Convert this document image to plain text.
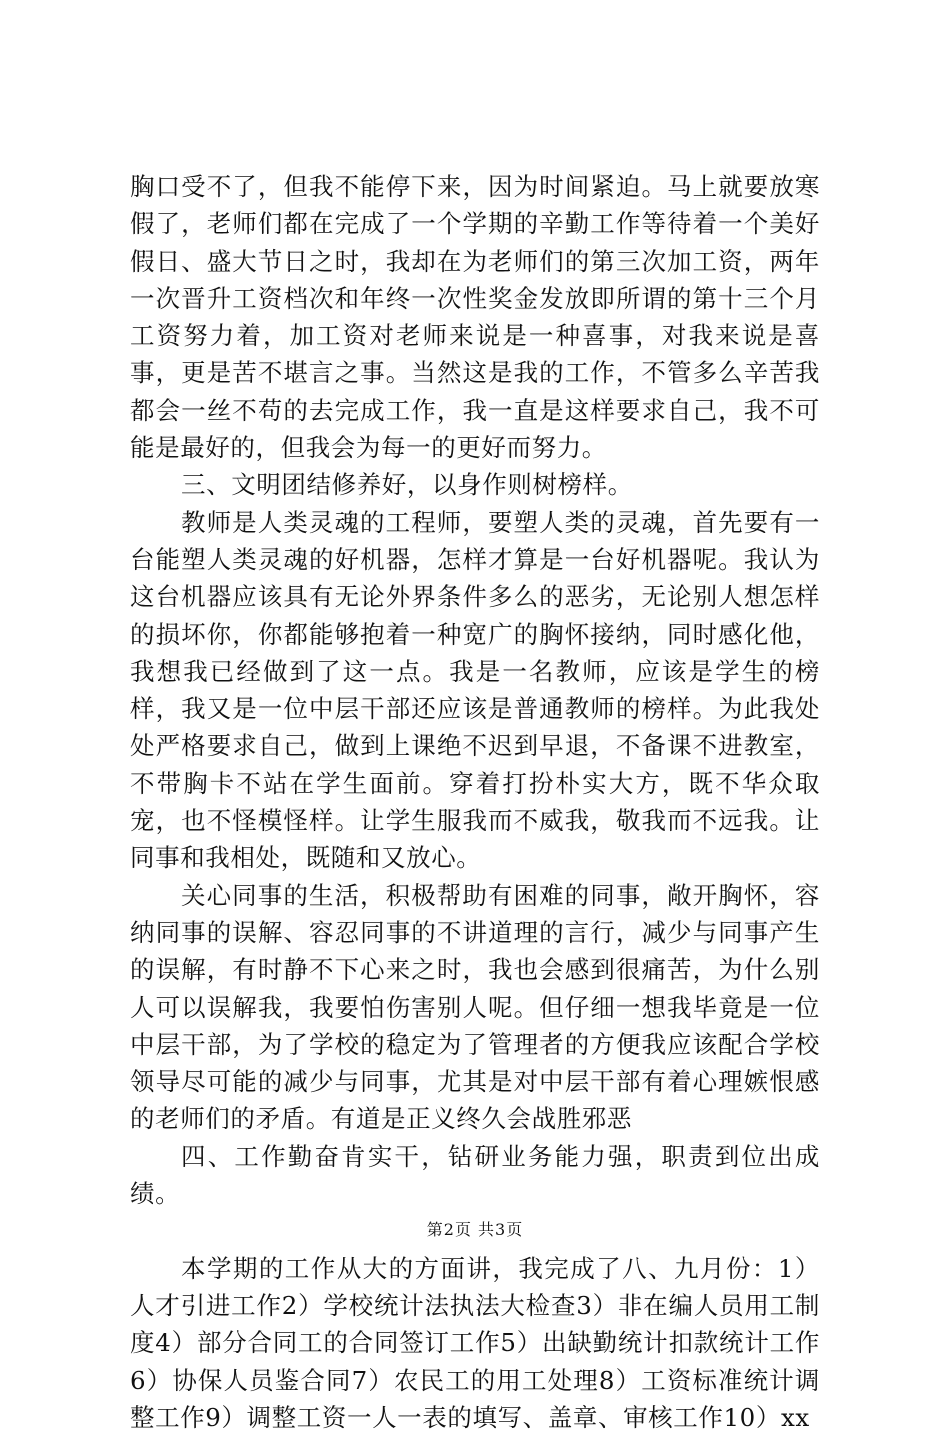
胸口受不了，但我不能停下来，因为时间紧迫。马上就要放寒假了，老师们都在完成了一个学期的辛勤工作等待着一个美好假日、盛大节日之时，我却在为老师们的第三次加工资，两年一次晋升工资档次和年终一次性奖金发放即所谓的第十三个月工资努力着，加工资对老师来说是一种喜事，对我来说是喜事，更是苦不堪言之事。当然这是我的工作，不管多么辛苦我都会一丝不苟的去完成工作，我一直是这样要求自己，我不可能是最好的，但我会为每一的更好而努力。

三、文明团结修养好，以身作则树榜样。

教师是人类灵魂的工程师，要塑人类的灵魂，首先要有一台能塑人类灵魂的好机器，怎样才算是一台好机器呢。我认为这台机器应该具有无论外界条件多么的恶劣，无论别人想怎样的损坏你，你都能够抱着一种宽广的胸怀接纳，同时感化他，我想我已经做到了这一点。我是一名教师，应该是学生的榜样，我又是一位中层干部还应该是普通教师的榜样。为此我处处严格要求自己，做到上课绝不迟到早退，不备课不进教室，不带胸卡不站在学生面前。穿着打扮朴实大方，既不华众取宠，也不怪模怪样。让学生服我而不威我，敬我而不远我。让同事和我相处，既随和又放心。

关心同事的生活，积极帮助有困难的同事，敞开胸怀，容纳同事的误解、容忍同事的不讲道理的言行，减少与同事产生的误解，有时静不下心来之时，我也会感到很痛苦，为什么别人可以误解我，我要怕伤害别人呢。但仔细一想我毕竟是一位中层干部，为了学校的稳定为了管理者的方便我应该配合学校领导尽可能的减少与同事，尤其是对中层干部有着心理嫉恨感的老师们的矛盾。有道是正义终久会战胜邪恶

四、工作勤奋肯实干，钻研业务能力强，职责到位出成绩。

本学期的工作从大的方面讲，我完成了八、九月份：1）人才引进工作2）学校统计法执法大检查3）非在编人员用工制度4）部分合同工的合同签订工作5）出缺勤统计扣款统计工作6）协保人员鉴合同7）农民工的用工处理8）工资标准统计调整工作9）调整工资一人一表的填写、盖章、审核工作10）xx

第2页 共3页
